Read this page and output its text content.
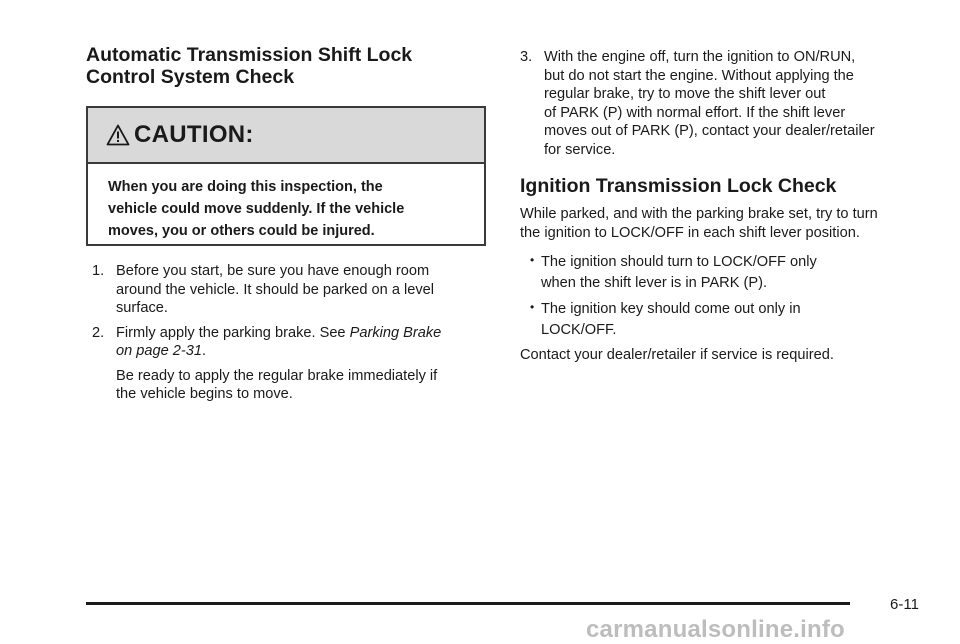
Automatic Transmission Shift Lock
Control System Check
CAUTION:
When you are doing this inspection, the
vehicle could move suddenly. If the vehicle
moves, you or others could be injured.
1. Before you start, be sure you have enough room
around the vehicle. It should be parked on a level
surface.
2. Firmly apply the parking brake. See Parking Brake
on page 2-31.
Be ready to apply the regular brake immediately if
the vehicle begins to move.
3. With the engine off, turn the ignition to ON/RUN,
but do not start the engine. Without applying the
regular brake, try to move the shift lever out
of PARK (P) with normal effort. If the shift lever
moves out of PARK (P), contact your dealer/retailer
for service.
Ignition Transmission Lock Check
While parked, and with the parking brake set, try to turn
the ignition to LOCK/OFF in each shift lever position.
• The ignition should turn to LOCK/OFF only
when the shift lever is in PARK (P).
• The ignition key should come out only in
LOCK/OFF.
Contact your dealer/retailer if service is required.
6-11
carmanualsonline.info
